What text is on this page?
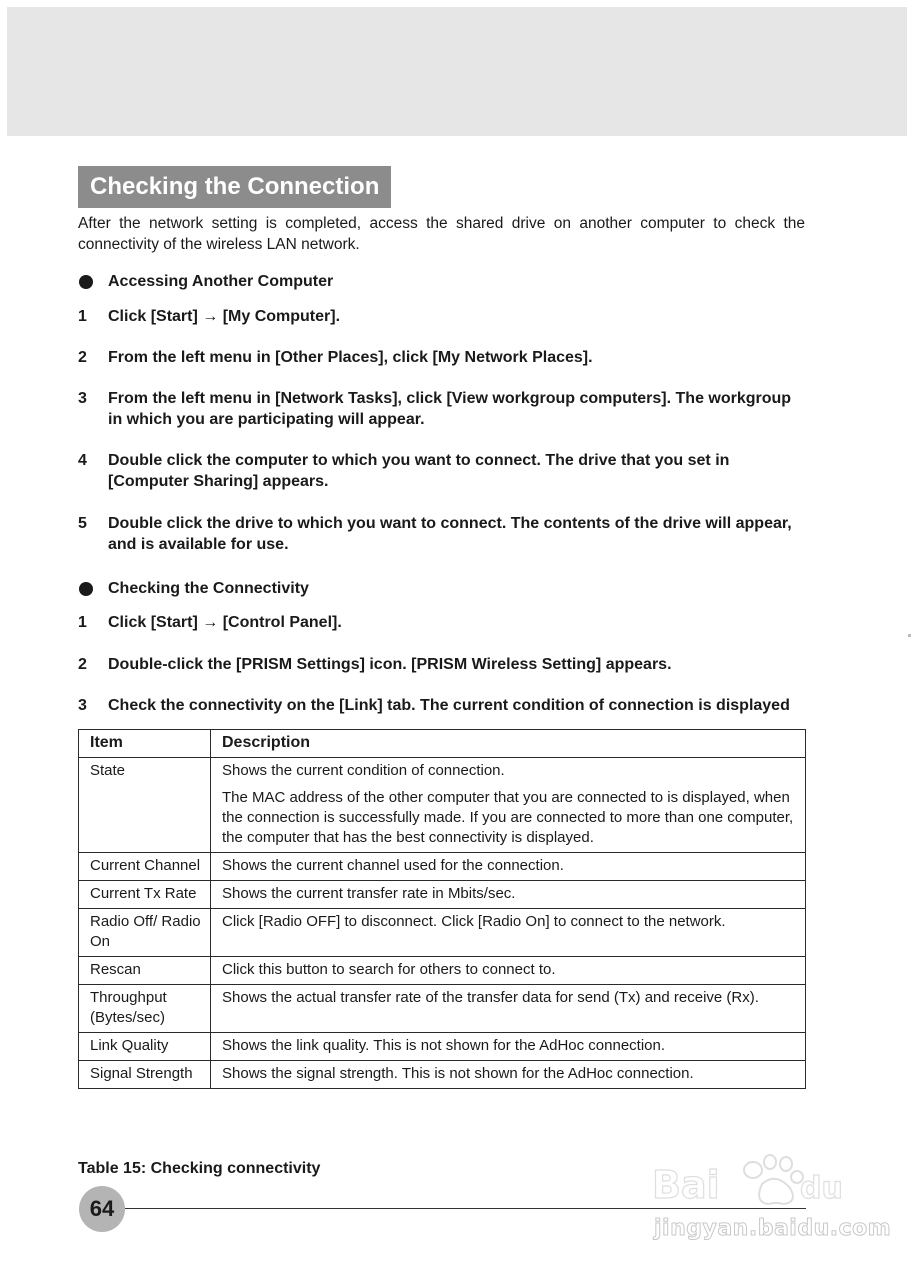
Checking the Connection
After the network setting is completed, access the shared drive on another computer to check the connectivity of the wireless LAN network.
Accessing Another Computer
1 Click [Start] → [My Computer].
2 From the left menu in [Other Places], click [My Network Places].
3 From the left menu in [Network Tasks], click [View workgroup computers]. The workgroup in which you are participating will appear.
4 Double click the computer to which you want to connect. The drive that you set in [Computer Sharing] appears.
5 Double click the drive to which you want to connect. The contents of the drive will appear, and is available for use.
Checking the Connectivity
1 Click [Start] → [Control Panel].
2 Double-click the [PRISM Settings] icon. [PRISM Wireless Setting] appears.
3 Check the connectivity on the [Link] tab. The current condition of connection is displayed
Item	Description
State	Shows the current condition of connection.
The MAC address of the other computer that you are connected to is displayed, when the connection is successfully made. If you are connected to more than one computer, the computer that has the best connectivity is displayed.

Current Channel	Shows the current channel used for the connection.

Current Tx Rate	Shows the current transfer rate in Mbits/sec.

Radio Off/ Radio On	Click [Radio OFF] to disconnect. Click [Radio On] to connect to the network.

Rescan	Click this button to search for others to connect to.

Throughput (Bytes/sec)	Shows the actual transfer rate of the transfer data for send (Tx) and receive (Rx).

Link Quality	Shows the link quality. This is not shown for the AdHoc connection.

Signal Strength	Shows the signal strength. This is not shown for the AdHoc connection.
Table 15: Checking connectivity
64
Bai	du
jingyan.baidu.com
